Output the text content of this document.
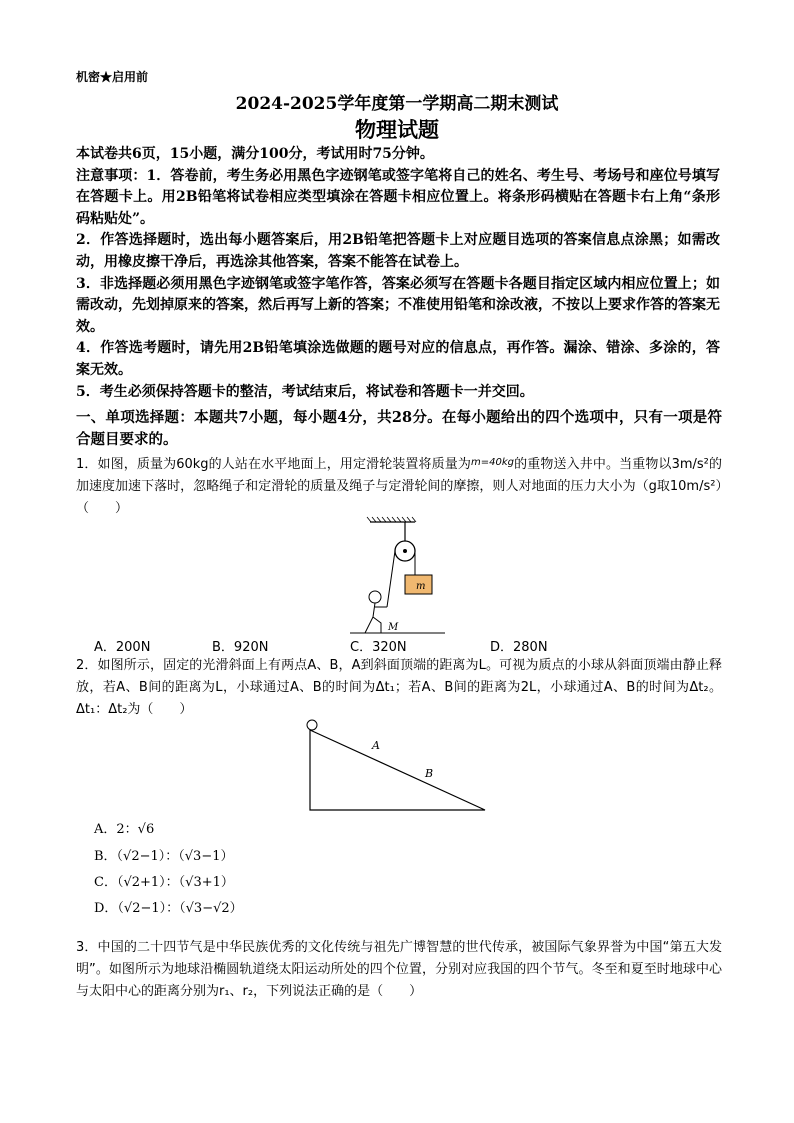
机密★启用前
2024-2025学年度第一学期高二期末测试
物理试题

本试卷共6页，15小题，满分100分，考试用时75分钟。

注意事项：1．答卷前，考生务必用黑色字迹钢笔或签字笔将自己的姓名、考生号、考场号和座位号填写在答题卡上。用2B铅笔将试卷相应类型填涂在答题卡相应位置上。将条形码横贴在答题卡右上角“条形码粘贴处”。

2．作答选择题时，选出每小题答案后，用2B铅笔把答题卡上对应题目选项的答案信息点涂黑；如需改动，用橡皮擦干净后，再选涂其他答案，答案不能答在试卷上。

3．非选择题必须用黑色字迹钢笔或签字笔作答，答案必须写在答题卡各题目指定区域内相应位置上；如需改动，先划掉原来的答案，然后再写上新的答案；不准使用铅笔和涂改液，不按以上要求作答的答案无效。

4．作答选考题时，请先用2B铅笔填涂选做题的题号对应的信息点，再作答。漏涂、错涂、多涂的，答案无效。

5．考生必须保持答题卡的整洁，考试结束后，将试卷和答题卡一并交回。

一、单项选择题：本题共7小题，每小题4分，共28分。在每小题给出的四个选项中，只有一项是符合题目要求的。
1．如图，质量为60kg的人站在水平地面上，用定滑轮装置将质量为$^{m=40kg}$的重物送入井中。当重物以3m/s²的加速度加速下落时，忽略绳子和定滑轮的质量及绳子与定滑轮间的摩擦，则人对地面的压力大小为（g取10m/s²）（　　）
m
M
A．200N	B．920N	C．320N	D．280N
2．如图所示，固定的光滑斜面上有两点A、B，A到斜面顶端的距离为L。可视为质点的小球从斜面顶端由静止释放，若A、B间的距离为L，小球通过A、B的时间为Δt₁；若A、B间的距离为2L，小球通过A、B的时间为Δt₂。Δt₁：Δt₂为（　　）
A
B
A．2：√6
B．（√2−1）：（√3−1）
C．（√2+1）：（√3+1）
D．（√2−1）：（√3−√2）
3．中国的二十四节气是中华民族优秀的文化传统与祖先广博智慧的世代传承，被国际气象界誉为中国“第五大发明”。如图所示为地球沿椭圆轨道绕太阳运动所处的四个位置，分别对应我国的四个节气。冬至和夏至时地球中心与太阳中心的距离分别为r₁、r₂，下列说法正确的是（　　）
